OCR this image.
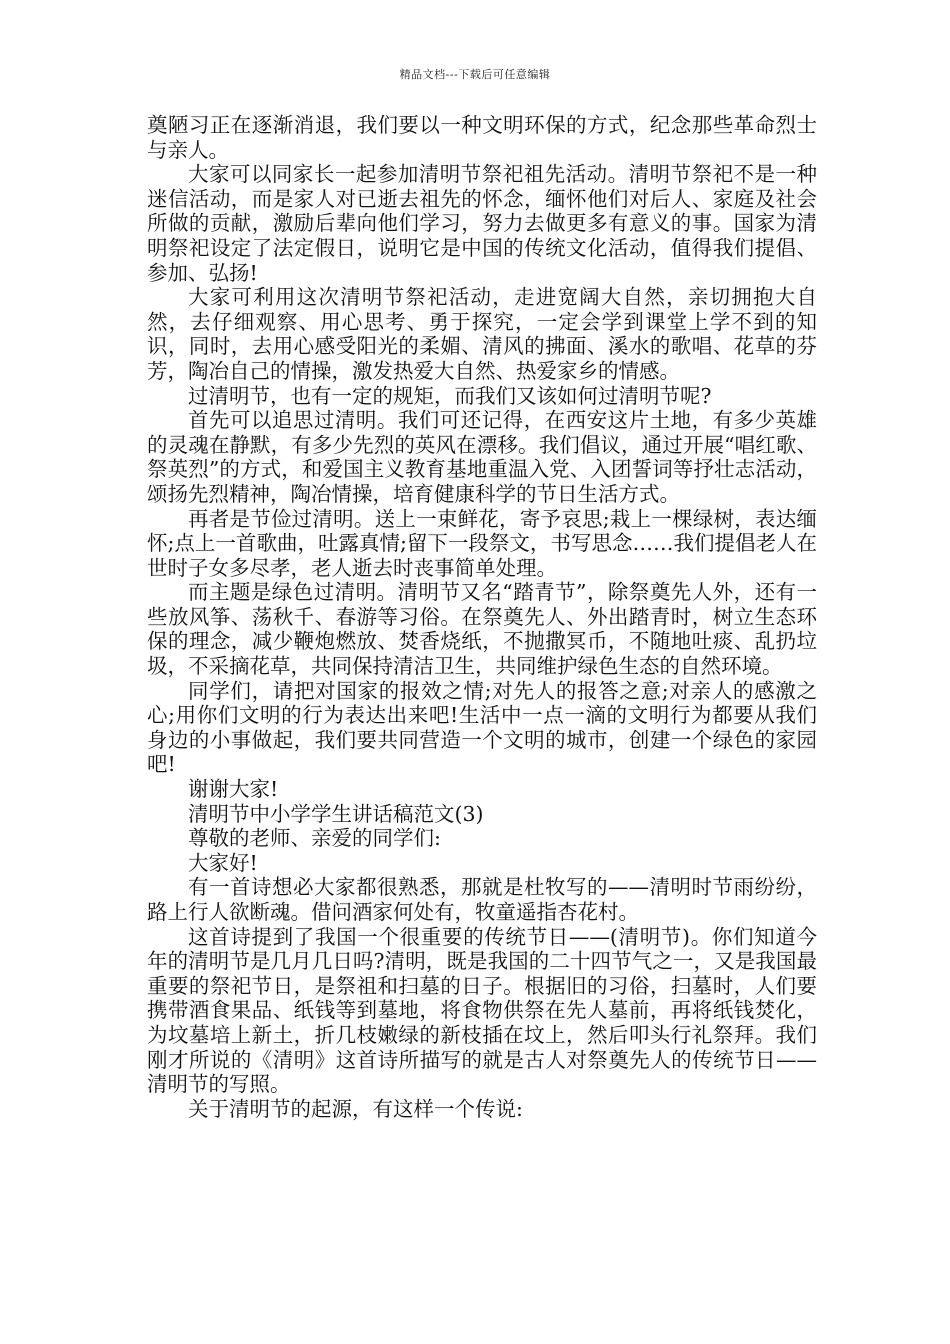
精品文档---下载后可任意编辑

奠陋习正在逐渐消退，我们要以一种文明环保的方式，纪念那些革命烈士与亲人。

大家可以同家长一起参加清明节祭祀祖先活动。清明节祭祀不是一种迷信活动，而是家人对已逝去祖先的怀念，缅怀他们对后人、家庭及社会所做的贡献，激励后辈向他们学习，努力去做更多有意义的事。国家为清明祭祀设定了法定假日，说明它是中国的传统文化活动，值得我们提倡、参加、弘扬!

大家可利用这次清明节祭祀活动，走进宽阔大自然，亲切拥抱大自然，去仔细观察、用心思考、勇于探究，一定会学到课堂上学不到的知识，同时，去用心感受阳光的柔媚、清风的拂面、溪水的歌唱、花草的芬芳，陶冶自己的情操，激发热爱大自然、热爱家乡的情感。

过清明节，也有一定的规矩，而我们又该如何过清明节呢?

首先可以追思过清明。我们可还记得，在西安这片土地，有多少英雄的灵魂在静默，有多少先烈的英风在漂移。我们倡议，通过开展“唱红歌、祭英烈”的方式，和爱国主义教育基地重温入党、入团誓词等抒壮志活动，颂扬先烈精神，陶冶情操，培育健康科学的节日生活方式。

再者是节俭过清明。送上一束鲜花，寄予哀思;栽上一棵绿树，表达缅怀;点上一首歌曲，吐露真情;留下一段祭文，书写思念……我们提倡老人在世时子女多尽孝，老人逝去时丧事简单处理。

而主题是绿色过清明。清明节又名“踏青节”，除祭奠先人外，还有一些放风筝、荡秋千、春游等习俗。在祭奠先人、外出踏青时，树立生态环保的理念，减少鞭炮燃放、焚香烧纸，不抛撒冥币，不随地吐痰、乱扔垃圾，不采摘花草，共同保持清洁卫生，共同维护绿色生态的自然环境。

同学们，请把对国家的报效之情;对先人的报答之意;对亲人的感激之心;用你们文明的行为表达出来吧!生活中一点一滴的文明行为都要从我们身边的小事做起，我们要共同营造一个文明的城市，创建一个绿色的家园吧!

谢谢大家!

清明节中小学学生讲话稿范文(3)

尊敬的老师、亲爱的同学们:

大家好!

有一首诗想必大家都很熟悉，那就是杜牧写的——清明时节雨纷纷，路上行人欲断魂。借问酒家何处有，牧童遥指杏花村。

这首诗提到了我国一个很重要的传统节日——(清明节)。你们知道今年的清明节是几月几日吗?清明，既是我国的二十四节气之一，又是我国最重要的祭祀节日，是祭祖和扫墓的日子。根据旧的习俗，扫墓时，人们要携带酒食果品、纸钱等到墓地，将食物供祭在先人墓前，再将纸钱焚化，为坟墓培上新土，折几枝嫩绿的新枝插在坟上，然后叩头行礼祭拜。我们刚才所说的《清明》这首诗所描写的就是古人对祭奠先人的传统节日——清明节的写照。

关于清明节的起源，有这样一个传说:
